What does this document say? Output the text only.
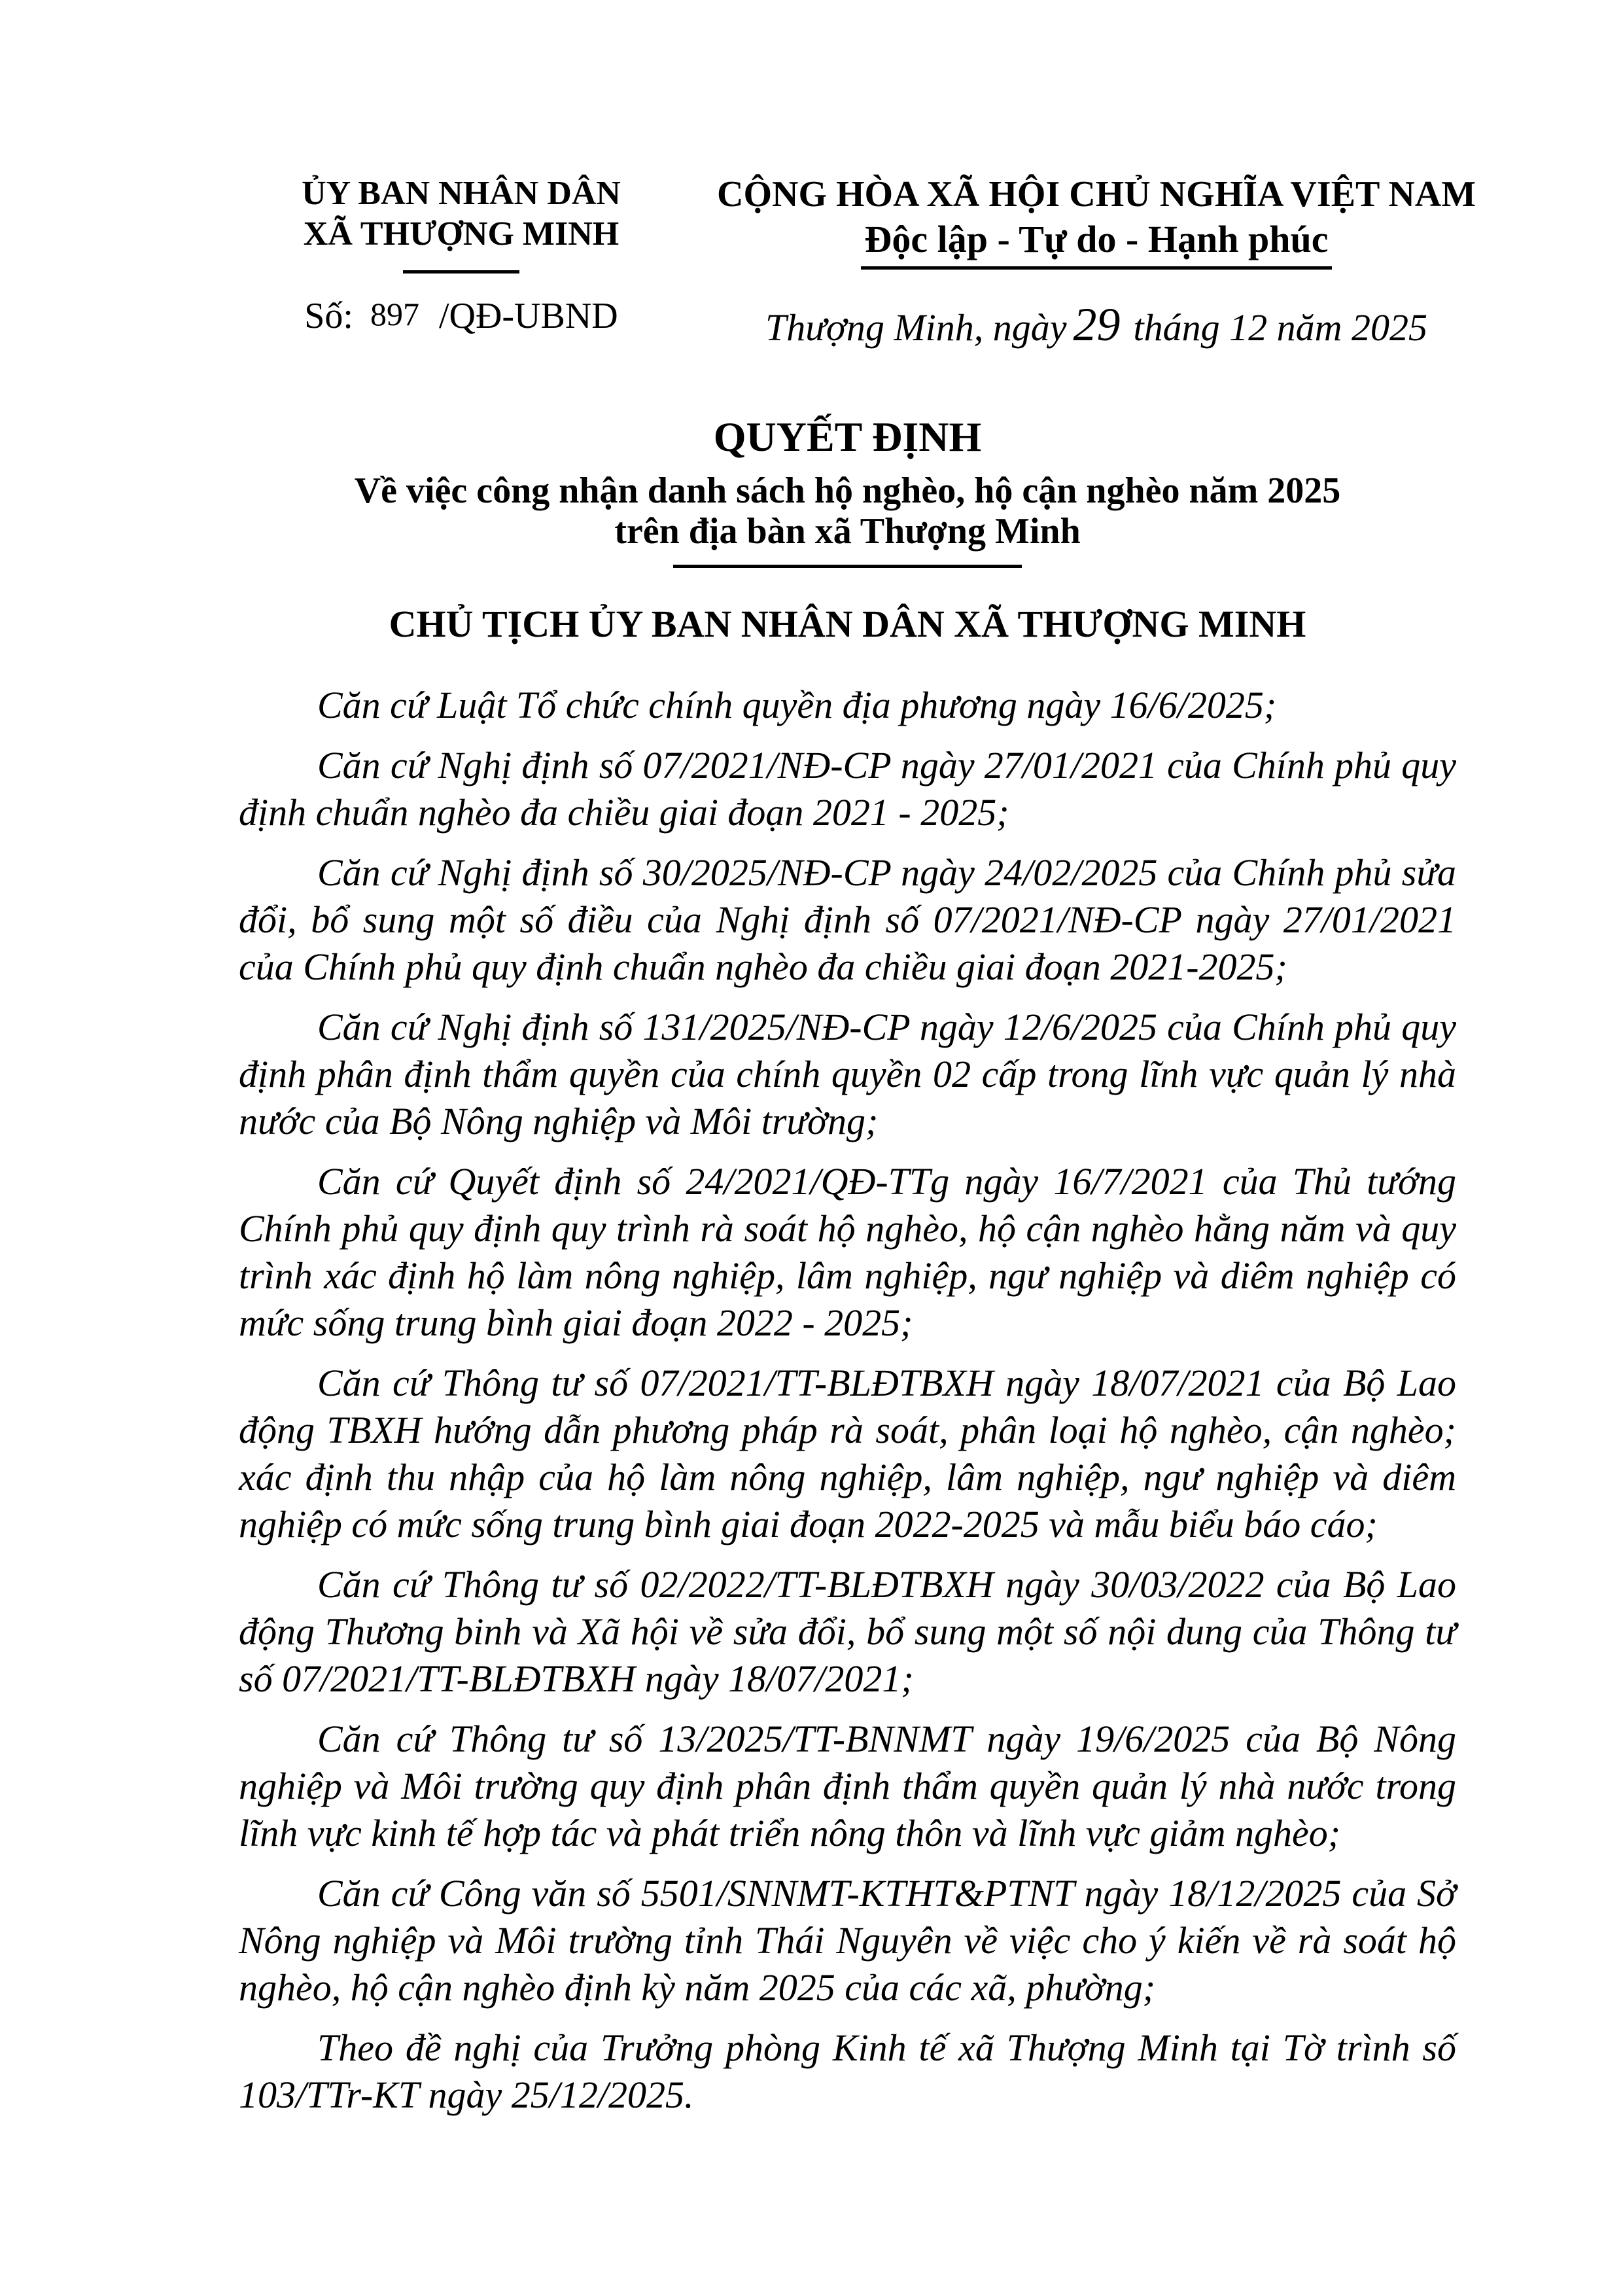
ỦY BAN NHÂN DÂN
XÃ THƯỢNG MINH
Số: 897 /QĐ-UBND
CỘNG HÒA XÃ HỘI CHỦ NGHĨA VIỆT NAM
Độc lập - Tự do - Hạnh phúc
Thượng Minh, ngày 29 tháng 12 năm 2025
QUYẾT ĐỊNH
Về việc công nhận danh sách hộ nghèo, hộ cận nghèo năm 2025
trên địa bàn xã Thượng Minh
CHỦ TỊCH ỦY BAN NHÂN DÂN XÃ THƯỢNG MINH

Căn cứ Luật Tổ chức chính quyền địa phương ngày 16/6/2025;

Căn cứ Nghị định số 07/2021/NĐ-CP ngày 27/01/2021 của Chính phủ quy định chuẩn nghèo đa chiều giai đoạn 2021 - 2025;

Căn cứ Nghị định số 30/2025/NĐ-CP ngày 24/02/2025 của Chính phủ sửa đổi, bổ sung một số điều của Nghị định số 07/2021/NĐ-CP ngày 27/01/2021 của Chính phủ quy định chuẩn nghèo đa chiều giai đoạn 2021-2025;

Căn cứ Nghị định số 131/2025/NĐ-CP ngày 12/6/2025 của Chính phủ quy định phân định thẩm quyền của chính quyền 02 cấp trong lĩnh vực quản lý nhà nước của Bộ Nông nghiệp và Môi trường;

Căn cứ Quyết định số 24/2021/QĐ-TTg ngày 16/7/2021 của Thủ tướng Chính phủ quy định quy trình rà soát hộ nghèo, hộ cận nghèo hằng năm và quy trình xác định hộ làm nông nghiệp, lâm nghiệp, ngư nghiệp và diêm nghiệp có mức sống trung bình giai đoạn 2022 - 2025;

Căn cứ Thông tư số 07/2021/TT-BLĐTBXH ngày 18/07/2021 của Bộ Lao động TBXH hướng dẫn phương pháp rà soát, phân loại hộ nghèo, cận nghèo; xác định thu nhập của hộ làm nông nghiệp, lâm nghiệp, ngư nghiệp và diêm nghiệp có mức sống trung bình giai đoạn 2022-2025 và mẫu biểu báo cáo;

Căn cứ Thông tư số 02/2022/TT-BLĐTBXH ngày 30/03/2022 của Bộ Lao động Thương binh và Xã hội về sửa đổi, bổ sung một số nội dung của Thông tư số 07/2021/TT-BLĐTBXH ngày 18/07/2021;

Căn cứ Thông tư số 13/2025/TT-BNNMT ngày 19/6/2025 của Bộ Nông nghiệp và Môi trường quy định phân định thẩm quyền quản lý nhà nước trong lĩnh vực kinh tế hợp tác và phát triển nông thôn và lĩnh vực giảm nghèo;

Căn cứ Công văn số 5501/SNNMT-KTHT&PTNT ngày 18/12/2025 của Sở Nông nghiệp và Môi trường tỉnh Thái Nguyên về việc cho ý kiến về rà soát hộ nghèo, hộ cận nghèo định kỳ năm 2025 của các xã, phường;

Theo đề nghị của Trưởng phòng Kinh tế xã Thượng Minh tại Tờ trình số 103/TTr-KT ngày 25/12/2025.
